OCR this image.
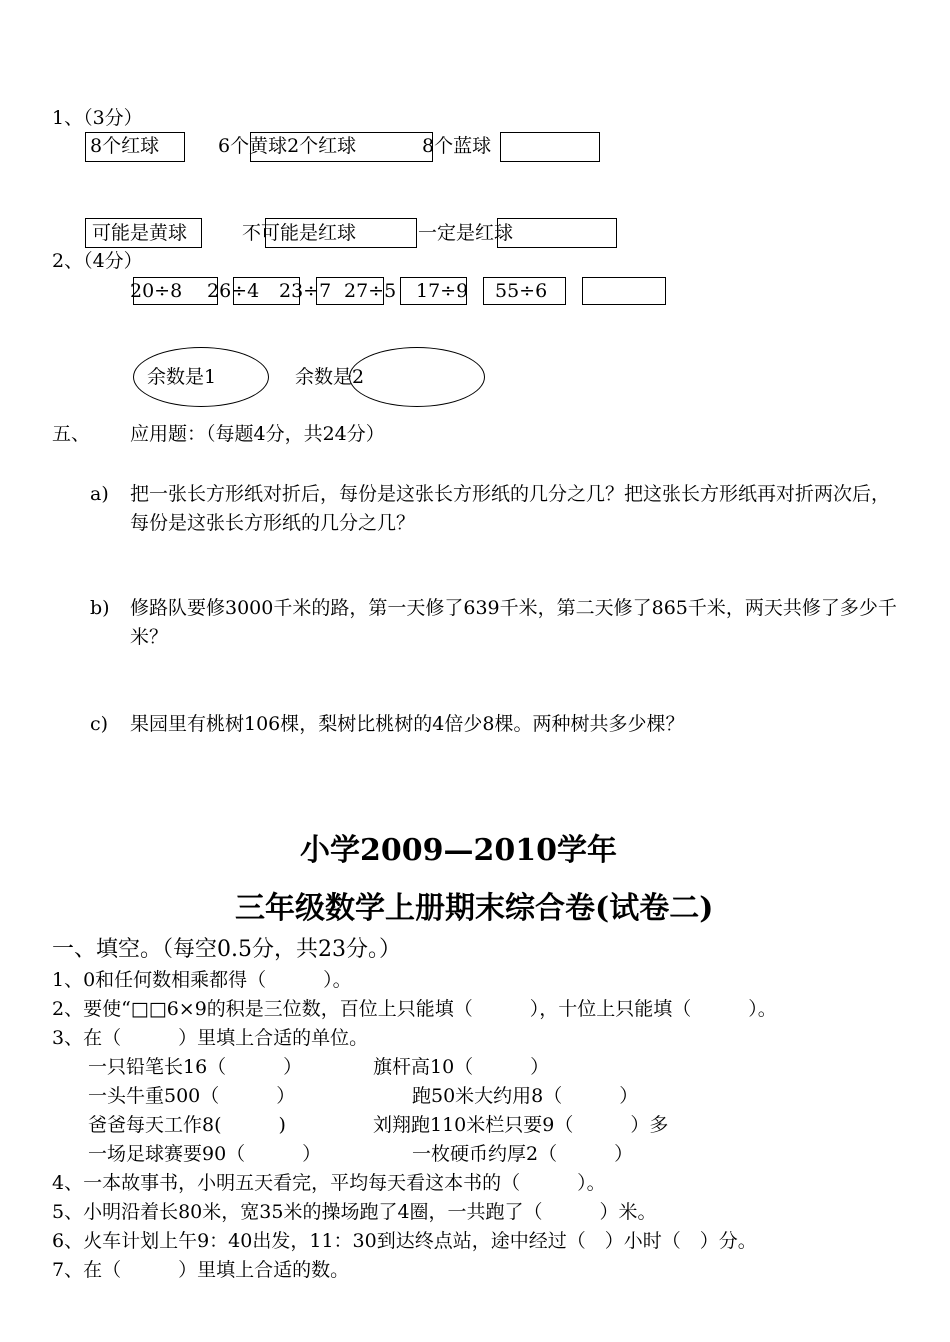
1、（3分）
8个红球	6个黄球2个红球	8个蓝球
可能是黄球	不可能是红球	一定是红球
2、（4分）
20÷8 26÷4 23÷7 27÷5 17÷9 55÷6
余数是1	余数是2
五、 应用题：（每题4分，共24分）
a) 把一张长方形纸对折后，每份是这张长方形纸的几分之几？把这张长方形纸再对折两次后，每份是这张长方形纸的几分之几？
b) 修路队要修3000千米的路，第一天修了639千米，第二天修了865千米，两天共修了多少千米？
c) 果园里有桃树106棵，梨树比桃树的4倍少8棵。两种树共多少棵？
小学2009—2010学年
三年级数学上册期末综合卷(试卷二)
一、填空。（每空0.5分，共23分。）
1、0和任何数相乘都得（　　　）。
2、要使“□□6×9的积是三位数，百位上只能填（　　　），十位上只能填（　　　）。
3、在（　　　）里填上合适的单位。
一只铅笔长16（　　　）	旗杆高10（　　　）
一头牛重500（　　　）	跑50米大约用8（　　　）
爸爸每天工作8(　　　)	刘翔跑110米栏只要9（　　　）多
一场足球赛要90（　　　）	一枚硬币约厚2（　　　）
4、一本故事书，小明五天看完，平均每天看这本书的（　　　）。
5、小明沿着长80米，宽35米的操场跑了4圈，一共跑了（　　　）米。
6、火车计划上午9：40出发，11：30到达终点站，途中经过（　）小时（　）分。
7、在（　　　）里填上合适的数。
